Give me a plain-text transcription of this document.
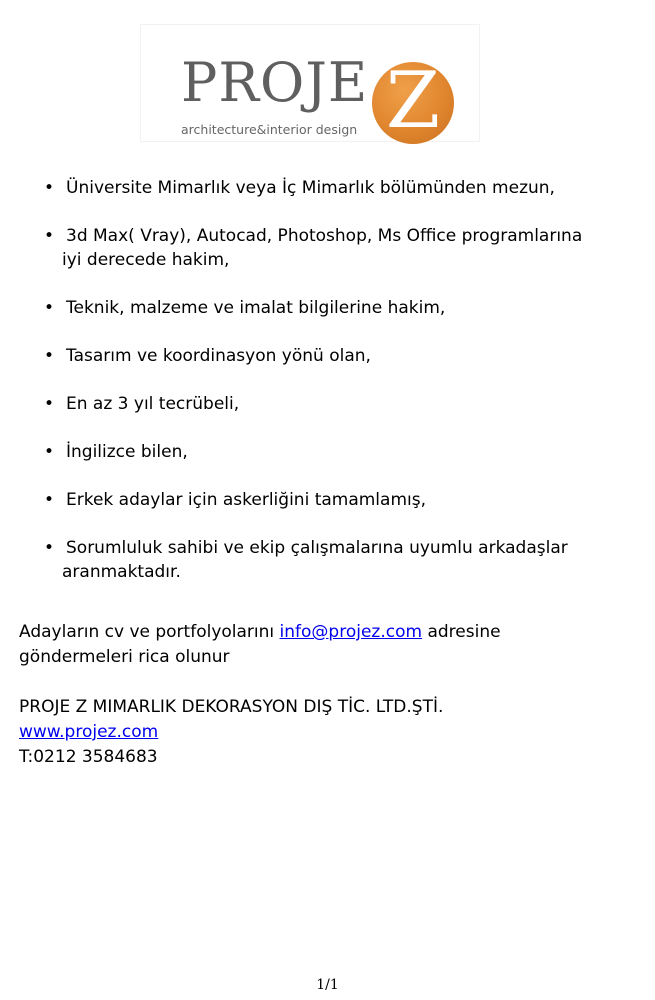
PROJE Z
architecture&interior design
• Üniversite Mimarlık veya İç Mimarlık bölümünden mezun,
• 3d Max( Vray), Autocad, Photoshop, Ms Office programlarına
iyi derecede hakim,
• Teknik, malzeme ve imalat bilgilerine hakim,
• Tasarım ve koordinasyon yönü olan,
• En az 3 yıl tecrübeli,
• İngilizce bilen,
• Erkek adaylar için askerliğini tamamlamış,
• Sorumluluk sahibi ve ekip çalışmalarına uyumlu arkadaşlar
aranmaktadır.
Adayların cv ve portfolyolarını info@projez.com adresine
göndermeleri rica olunur
PROJE Z MIMARLIK DEKORASYON DIŞ TİC. LTD.ŞTİ.
www.projez.com
T:0212 3584683
1/1
